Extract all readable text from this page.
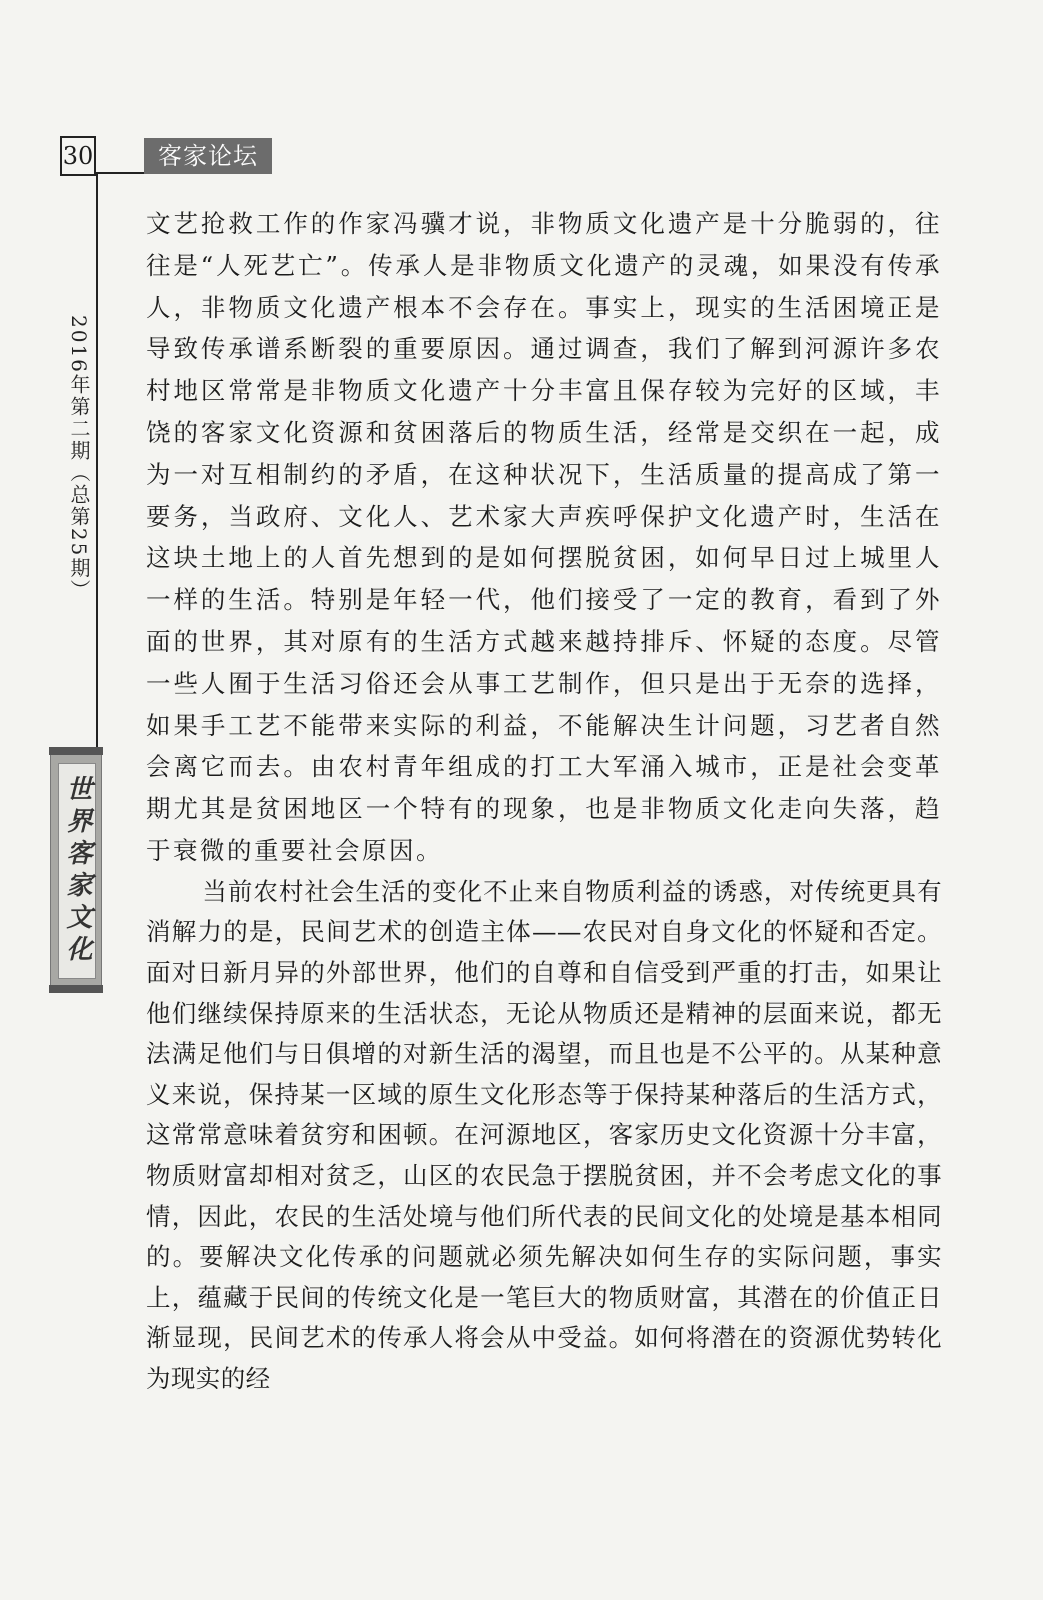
30	客家论坛
2016年第二期（总第25期）
世界客家文化

文艺抢救工作的作家冯骥才说，非物质文化遗产是十分脆弱的，往往是“人死艺亡”。传承人是非物质文化遗产的灵魂，如果没有传承人，非物质文化遗产根本不会存在。事实上，现实的生活困境正是导致传承谱系断裂的重要原因。通过调查，我们了解到河源许多农村地区常常是非物质文化遗产十分丰富且保存较为完好的区域，丰饶的客家文化资源和贫困落后的物质生活，经常是交织在一起，成为一对互相制约的矛盾，在这种状况下，生活质量的提高成了第一要务，当政府、文化人、艺术家大声疾呼保护文化遗产时，生活在这块土地上的人首先想到的是如何摆脱贫困，如何早日过上城里人一样的生活。特别是年轻一代，他们接受了一定的教育，看到了外面的世界，其对原有的生活方式越来越持排斥、怀疑的态度。尽管一些人囿于生活习俗还会从事工艺制作，但只是出于无奈的选择，如果手工艺不能带来实际的利益，不能解决生计问题，习艺者自然会离它而去。由农村青年组成的打工大军涌入城市，正是社会变革期尤其是贫困地区一个特有的现象，也是非物质文化走向失落，趋于衰微的重要社会原因。

当前农村社会生活的变化不止来自物质利益的诱惑，对传统更具有消解力的是，民间艺术的创造主体——农民对自身文化的怀疑和否定。面对日新月异的外部世界，他们的自尊和自信受到严重的打击，如果让他们继续保持原来的生活状态，无论从物质还是精神的层面来说，都无法满足他们与日俱增的对新生活的渴望，而且也是不公平的。从某种意义来说，保持某一区域的原生文化形态等于保持某种落后的生活方式，这常常意味着贫穷和困顿。在河源地区，客家历史文化资源十分丰富，物质财富却相对贫乏，山区的农民急于摆脱贫困，并不会考虑文化的事情，因此，农民的生活处境与他们所代表的民间文化的处境是基本相同的。要解决文化传承的问题就必须先解决如何生存的实际问题，事实上，蕴藏于民间的传统文化是一笔巨大的物质财富，其潜在的价值正日渐显现，民间艺术的传承人将会从中受益。如何将潜在的资源优势转化为现实的经
